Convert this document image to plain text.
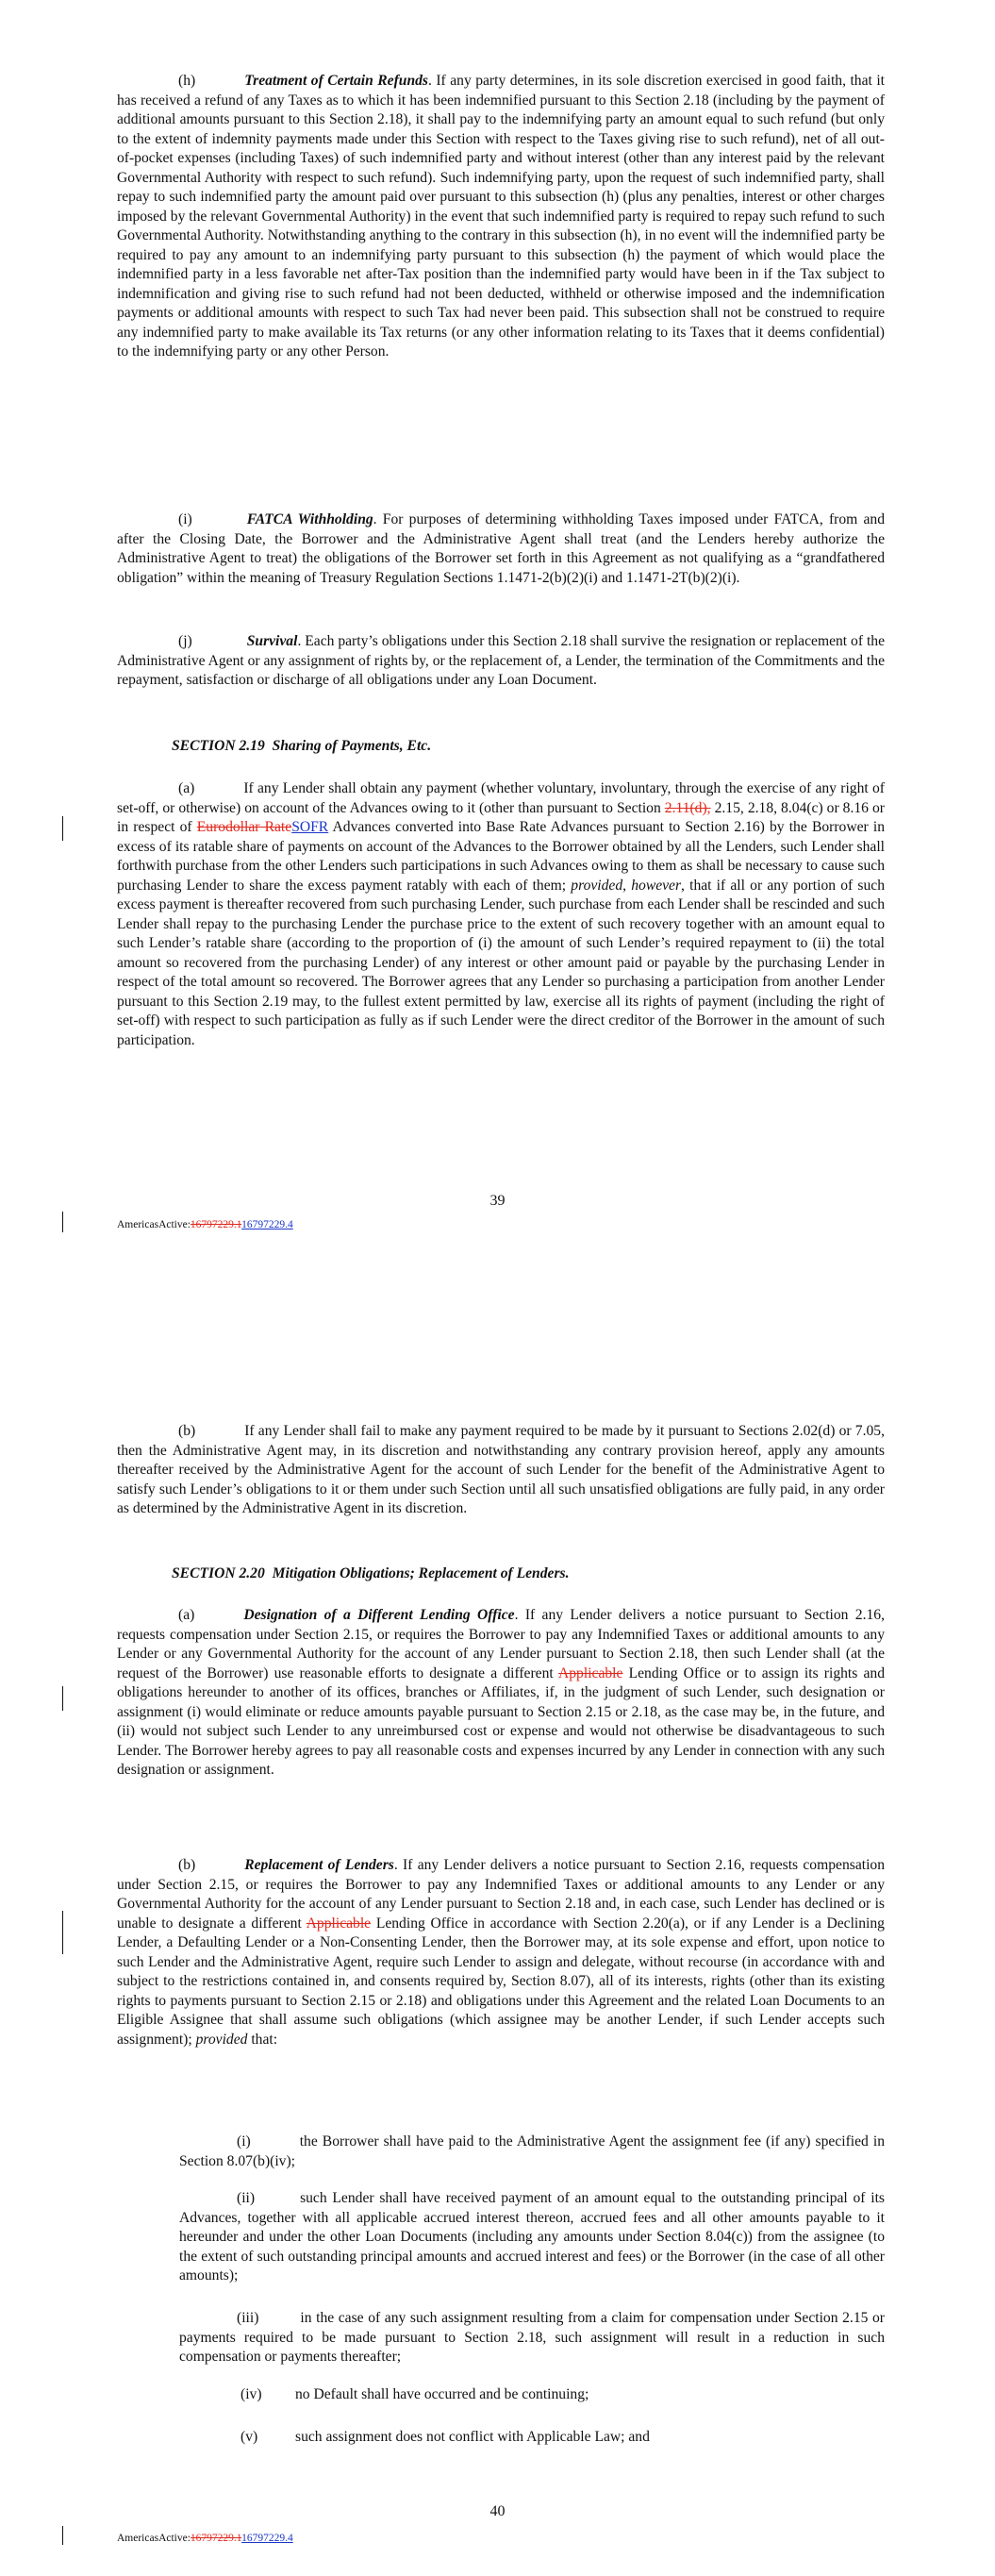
(h)	Treatment of Certain Refunds. If any party determines, in its sole discretion exercised in good faith, that it has received a refund of any Taxes as to which it has been indemnified pursuant to this Section 2.18 (including by the payment of additional amounts pursuant to this Section 2.18), it shall pay to the indemnifying party an amount equal to such refund (but only to the extent of indemnity payments made under this Section with respect to the Taxes giving rise to such refund), net of all out-of-pocket expenses (including Taxes) of such indemnified party and without interest (other than any interest paid by the relevant Governmental Authority with respect to such refund). Such indemnifying party, upon the request of such indemnified party, shall repay to such indemnified party the amount paid over pursuant to this subsection (h) (plus any penalties, interest or other charges imposed by the relevant Governmental Authority) in the event that such indemnified party is required to repay such refund to such Governmental Authority. Notwithstanding anything to the contrary in this subsection (h), in no event will the indemnified party be required to pay any amount to an indemnifying party pursuant to this subsection (h) the payment of which would place the indemnified party in a less favorable net after-Tax position than the indemnified party would have been in if the Tax subject to indemnification and giving rise to such refund had not been deducted, withheld or otherwise imposed and the indemnification payments or additional amounts with respect to such Tax had never been paid. This subsection shall not be construed to require any indemnified party to make available its Tax returns (or any other information relating to its Taxes that it deems confidential) to the indemnifying party or any other Person.

(i)	FATCA Withholding. For purposes of determining withholding Taxes imposed under FATCA, from and after the Closing Date, the Borrower and the Administrative Agent shall treat (and the Lenders hereby authorize the Administrative Agent to treat) the obligations of the Borrower set forth in this Agreement as not qualifying as a “grandfathered obligation” within the meaning of Treasury Regulation Sections 1.1471-2(b)(2)(i) and 1.1471-2T(b)(2)(i).

(j)	Survival. Each party’s obligations under this Section 2.18 shall survive the resignation or replacement of the Administrative Agent or any assignment of rights by, or the replacement of, a Lender, the termination of the Commitments and the repayment, satisfaction or discharge of all obligations under any Loan Document.

SECTION 2.19 Sharing of Payments, Etc.

(a)	If any Lender shall obtain any payment (whether voluntary, involuntary, through the exercise of any right of set-off, or otherwise) on account of the Advances owing to it (other than pursuant to Section 2.11(d), 2.15, 2.18, 8.04(c) or 8.16 or in respect of Eurodollar RateSOFR Advances converted into Base Rate Advances pursuant to Section 2.16) by the Borrower in excess of its ratable share of payments on account of the Advances to the Borrower obtained by all the Lenders, such Lender shall forthwith purchase from the other Lenders such participations in such Advances owing to them as shall be necessary to cause such purchasing Lender to share the excess payment ratably with each of them; provided, however, that if all or any portion of such excess payment is thereafter recovered from such purchasing Lender, such purchase from each Lender shall be rescinded and such Lender shall repay to the purchasing Lender the purchase price to the extent of such recovery together with an amount equal to such Lender’s ratable share (according to the proportion of (i) the amount of such Lender’s required repayment to (ii) the total amount so recovered from the purchasing Lender) of any interest or other amount paid or payable by the purchasing Lender in respect of the total amount so recovered. The Borrower agrees that any Lender so purchasing a participation from another Lender pursuant to this Section 2.19 may, to the fullest extent permitted by law, exercise all its rights of payment (including the right of set-off) with respect to such participation as fully as if such Lender were the direct creditor of the Borrower in the amount of such participation.

39
AmericasActive:16797229.116797229.4

(b)	If any Lender shall fail to make any payment required to be made by it pursuant to Sections 2.02(d) or 7.05, then the Administrative Agent may, in its discretion and notwithstanding any contrary provision hereof, apply any amounts thereafter received by the Administrative Agent for the account of such Lender for the benefit of the Administrative Agent to satisfy such Lender’s obligations to it or them under such Section until all such unsatisfied obligations are fully paid, in any order as determined by the Administrative Agent in its discretion.

SECTION 2.20 Mitigation Obligations; Replacement of Lenders.

(a)	Designation of a Different Lending Office. If any Lender delivers a notice pursuant to Section 2.16, requests compensation under Section 2.15, or requires the Borrower to pay any Indemnified Taxes or additional amounts to any Lender or any Governmental Authority for the account of any Lender pursuant to Section 2.18, then such Lender shall (at the request of the Borrower) use reasonable efforts to designate a different Applicable Lending Office or to assign its rights and obligations hereunder to another of its offices, branches or Affiliates, if, in the judgment of such Lender, such designation or assignment (i) would eliminate or reduce amounts payable pursuant to Section 2.15 or 2.18, as the case may be, in the future, and (ii) would not subject such Lender to any unreimbursed cost or expense and would not otherwise be disadvantageous to such Lender. The Borrower hereby agrees to pay all reasonable costs and expenses incurred by any Lender in connection with any such designation or assignment.

(b)	Replacement of Lenders. If any Lender delivers a notice pursuant to Section 2.16, requests compensation under Section 2.15, or requires the Borrower to pay any Indemnified Taxes or additional amounts to any Lender or any Governmental Authority for the account of any Lender pursuant to Section 2.18 and, in each case, such Lender has declined or is unable to designate a different Applicable Lending Office in accordance with Section 2.20(a), or if any Lender is a Declining Lender, a Defaulting Lender or a Non-Consenting Lender, then the Borrower may, at its sole expense and effort, upon notice to such Lender and the Administrative Agent, require such Lender to assign and delegate, without recourse (in accordance with and subject to the restrictions contained in, and consents required by, Section 8.07), all of its interests, rights (other than its existing rights to payments pursuant to Section 2.15 or 2.18) and obligations under this Agreement and the related Loan Documents to an Eligible Assignee that shall assume such obligations (which assignee may be another Lender, if such Lender accepts such assignment); provided that:

(i)	the Borrower shall have paid to the Administrative Agent the assignment fee (if any) specified in Section 8.07(b)(iv);

(ii)	such Lender shall have received payment of an amount equal to the outstanding principal of its Advances, together with all applicable accrued interest thereon, accrued fees and all other amounts payable to it hereunder and under the other Loan Documents (including any amounts under Section 8.04(c)) from the assignee (to the extent of such outstanding principal amounts and accrued interest and fees) or the Borrower (in the case of all other amounts);

(iii)	in the case of any such assignment resulting from a claim for compensation under Section 2.15 or payments required to be made pursuant to Section 2.18, such assignment will result in a reduction in such compensation or payments thereafter;

(iv) no Default shall have occurred and be continuing;

(v)	such assignment does not conflict with Applicable Law; and

40
AmericasActive:16797229.116797229.4
